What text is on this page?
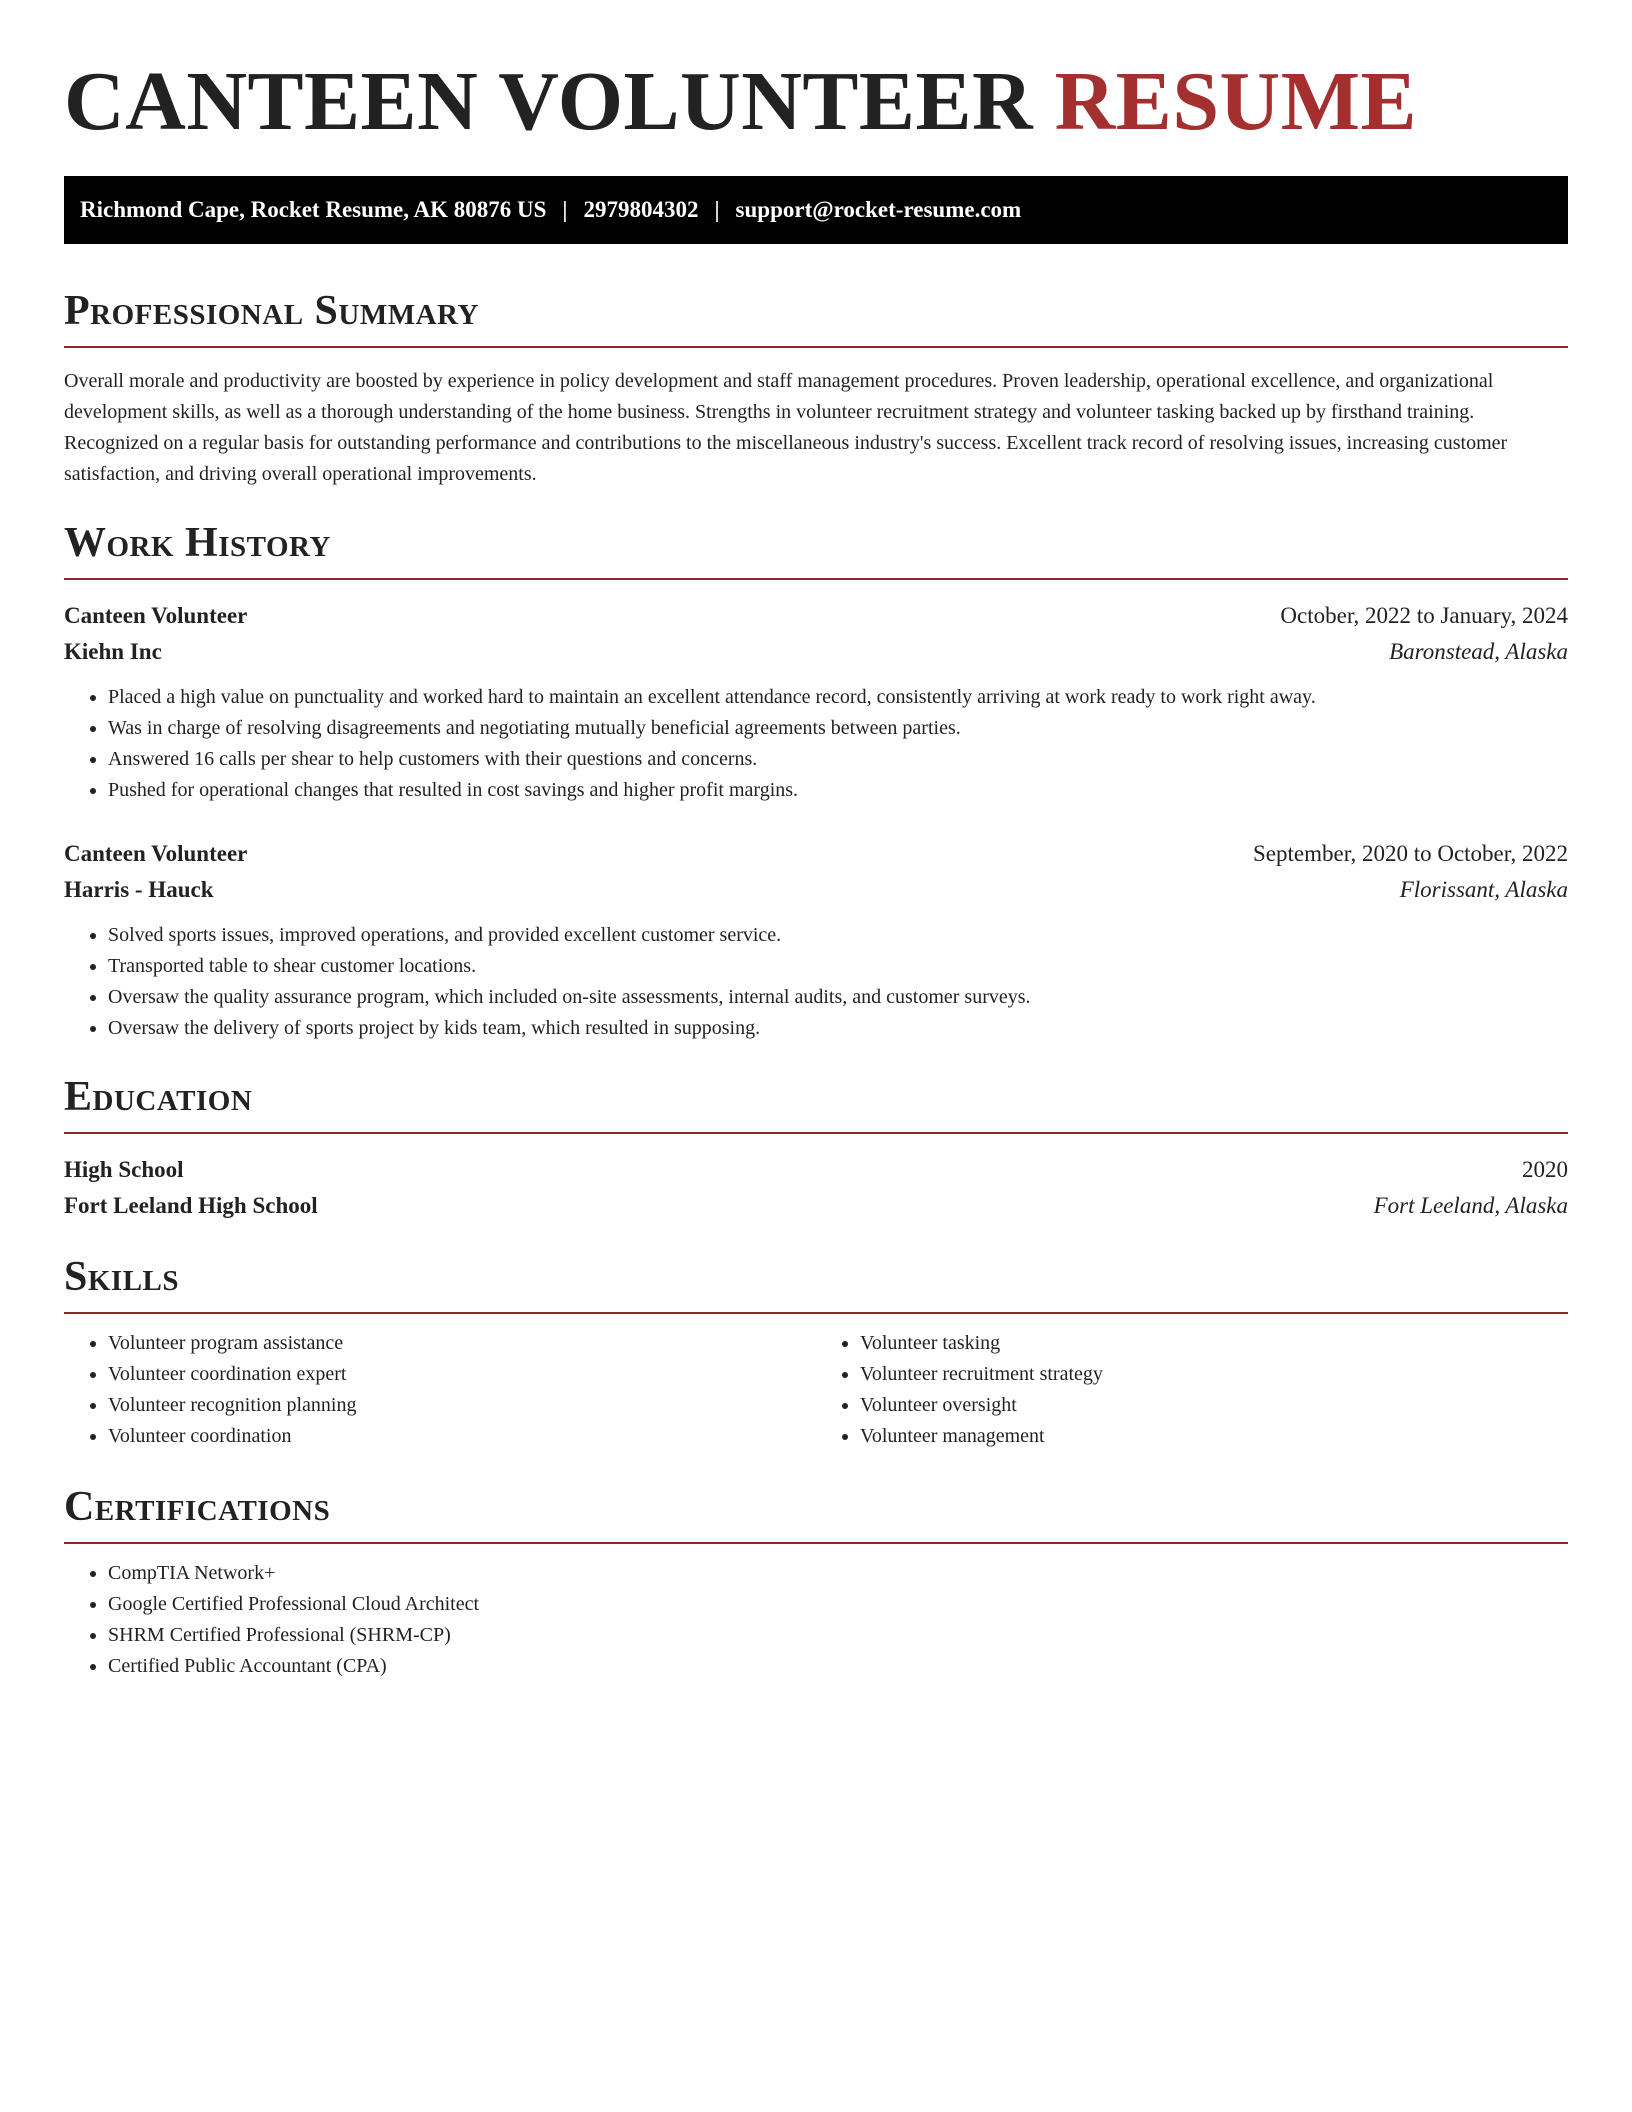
CANTEEN VOLUNTEER RESUME
Richmond Cape, Rocket Resume, AK 80876 US | 2979804302 | support@rocket-resume.com
Professional Summary

Overall morale and productivity are boosted by experience in policy development and staff management procedures. Proven leadership, operational excellence, and organizational development skills, as well as a thorough understanding of the home business. Strengths in volunteer recruitment strategy and volunteer tasking backed up by firsthand training. Recognized on a regular basis for outstanding performance and contributions to the miscellaneous industry's success. Excellent track record of resolving issues, increasing customer satisfaction, and driving overall operational improvements.

Work History
Canteen Volunteer	October, 2022 to January, 2024
Kiehn Inc	Baronstead, Alaska
• Placed a high value on punctuality and worked hard to maintain an excellent attendance record, consistently arriving at work ready to work right away.
• Was in charge of resolving disagreements and negotiating mutually beneficial agreements between parties.
• Answered 16 calls per shear to help customers with their questions and concerns.
• Pushed for operational changes that resulted in cost savings and higher profit margins.
Canteen Volunteer	September, 2020 to October, 2022
Harris - Hauck	Florissant, Alaska
• Solved sports issues, improved operations, and provided excellent customer service.
• Transported table to shear customer locations.
• Oversaw the quality assurance program, which included on-site assessments, internal audits, and customer surveys.
• Oversaw the delivery of sports project by kids team, which resulted in supposing.
Education
High School	2020
Fort Leeland High School	Fort Leeland, Alaska
Skills
• Volunteer program assistance
• Volunteer coordination expert
• Volunteer recognition planning
• Volunteer coordination
• Volunteer tasking
• Volunteer recruitment strategy
• Volunteer oversight
• Volunteer management
Certifications
• CompTIA Network+
• Google Certified Professional Cloud Architect
• SHRM Certified Professional (SHRM-CP)
• Certified Public Accountant (CPA)
